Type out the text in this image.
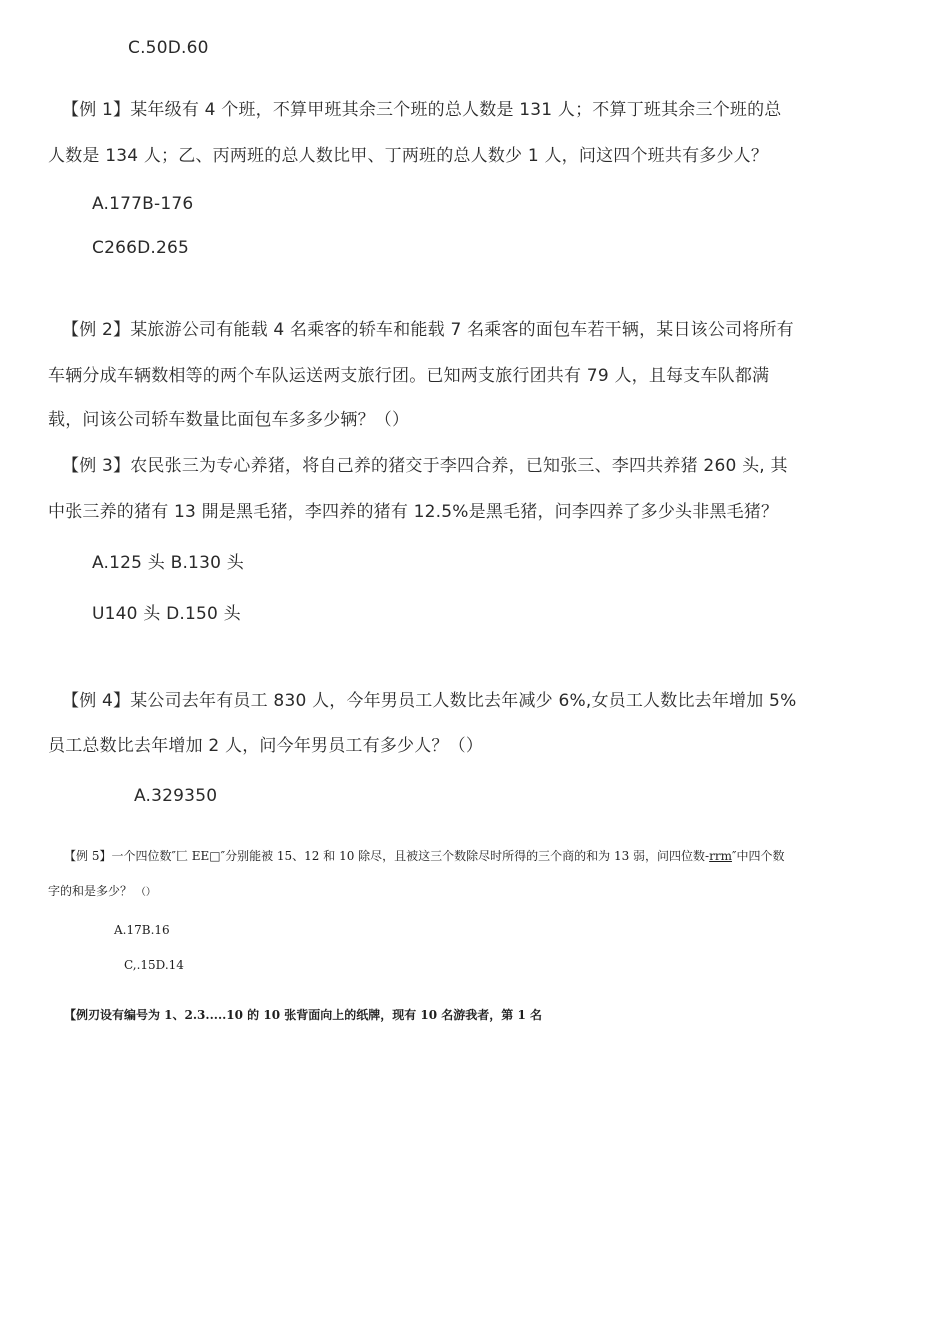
C.50D.60
【例 1】某年级有 4 个班，不算甲班其余三个班的总人数是 131 人；不算丁班其余三个班的总
人数是 134 人；乙、丙两班的总人数比甲、丁两班的总人数少 1 人，问这四个班共有多少人？
A.177B-176
C266D.265
【例 2】某旅游公司有能载 4 名乘客的轿车和能载 7 名乘客的面包车若干辆，某日该公司将所有
车辆分成车辆数相等的两个车队运送两支旅行团。已知两支旅行团共有 79 人，且每支车队都满
载，问该公司轿车数量比面包车多多少辆？（）
【例 3】农民张三为专心养猪，将自己养的猪交于李四合养，已知张三、李四共养猪 260 头, 其
中张三养的猪有 13 開是黑毛猪，李四养的猪有 12.5%是黑毛猪，问李四养了多少头非黑毛猪？
A.125 头 B.130 头
U140 头 D.150 头
【例 4】某公司去年有员工 830 人，今年男员工人数比去年减少 6%,女员工人数比去年增加 5%
员工总数比去年增加 2 人，问今年男员工有多少人？（）
A.329350
【例 5】一个四位数″匚 EE□″分别能被 15、12 和 10 除尽，且被这三个数除尽时所得的三个商的和为 13 弱，问四位数-rrm″中四个数
字的和是多少？ （）
A.17B.16
C,.15D.14
【例刃设有编号为 1、2.3.....10 的 10 张背面向上的纸牌，现有 10 名游我者，第 1 名
